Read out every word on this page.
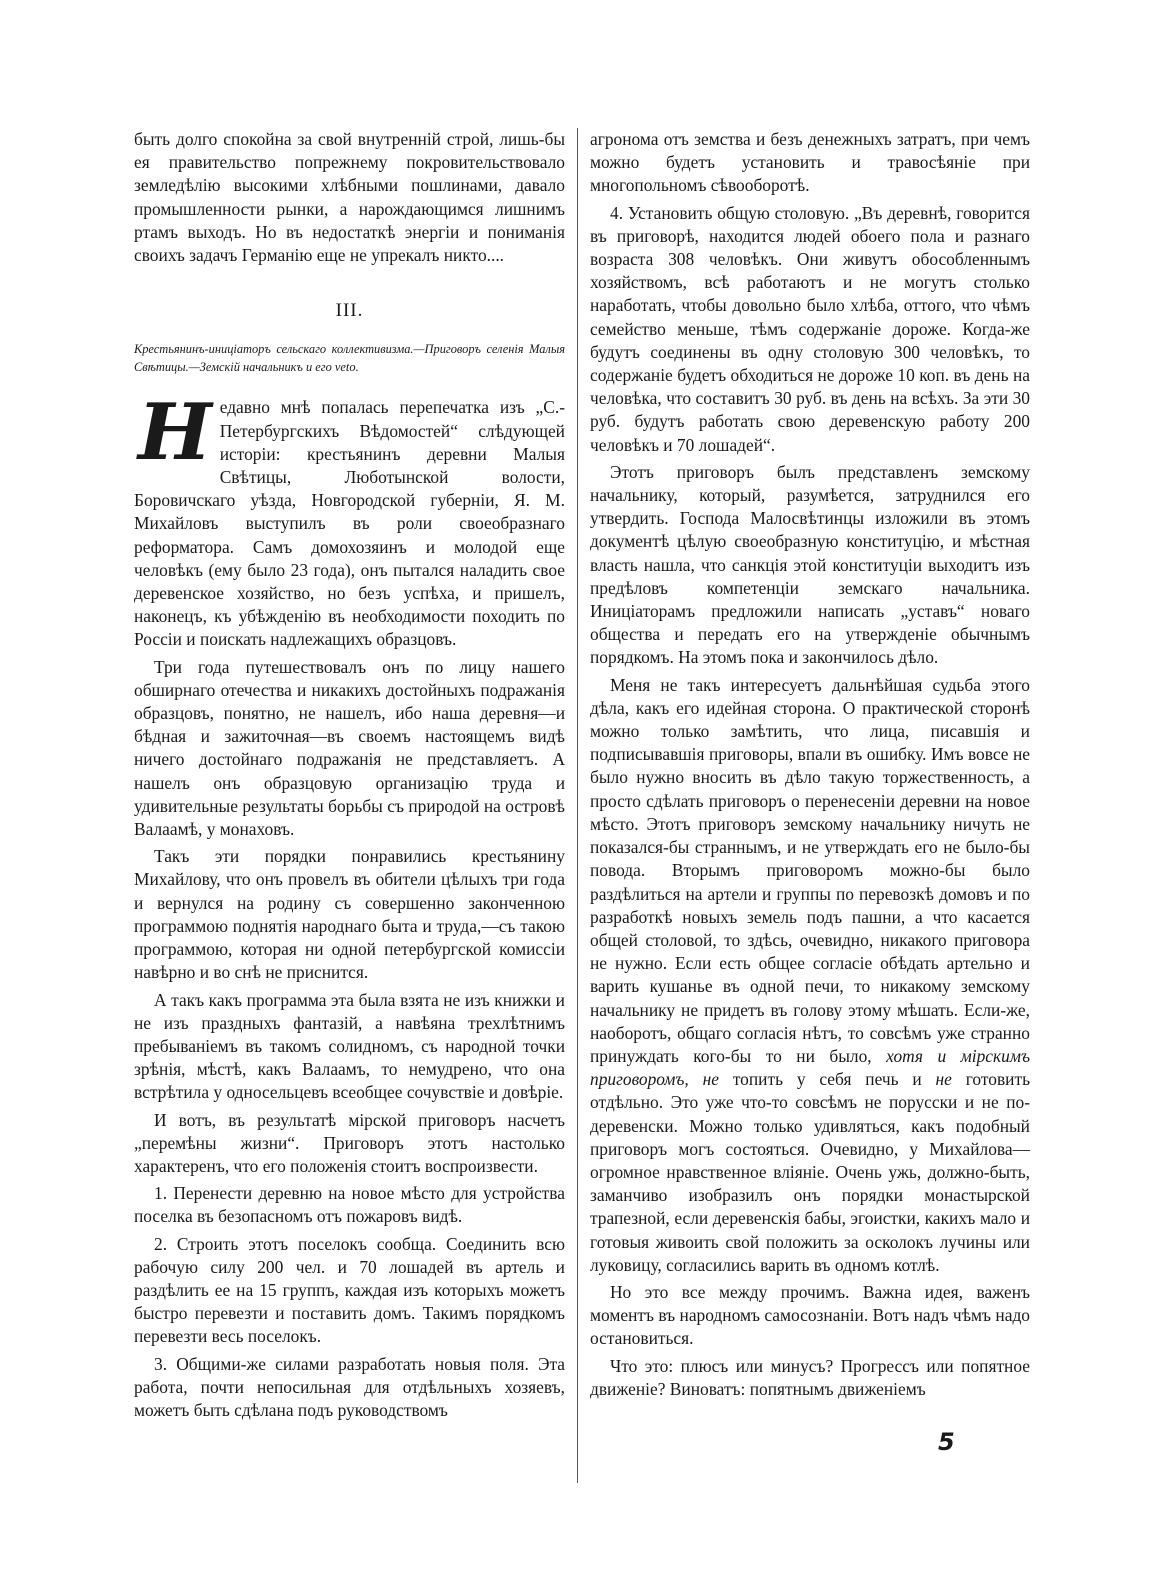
быть долго спокойна за свой внутренній строй, лишь-бы ея правительство попрежнему покровительствовало земледѣлію высокими хлѣбными пошлинами, давало промышленности рынки, а нарождающимся лишнимъ ртамъ выходъ. Но въ недостаткѣ энергіи и пониманія своихъ задачъ Германію еще не упрекалъ никто....

III.

Крестьянинъ-иниціаторъ сельскаго коллективизма.—Приговоръ селенія Малыя Свѣтицы.—Земскій начальникъ и его veto.

Недавно мнѣ попалась перепечатка изъ „С.-Петербургскихъ Вѣдомостей“ слѣдующей исторіи: крестьянинъ деревни Малыя Свѣтицы, Люботынской волости, Боровичскаго уѣзда, Новгородской губерніи, Я. М. Михайловъ выступилъ въ роли своеобразнаго реформатора. Самъ домохозяинъ и молодой еще человѣкъ (ему было 23 года), онъ пытался наладить свое деревенское хозяйство, но безъ успѣха, и пришелъ, наконецъ, къ убѣжденію въ необходимости походить по Россіи и поискать надлежащихъ образцовъ.

Три года путешествовалъ онъ по лицу нашего обширнаго отечества и никакихъ достойныхъ подражанія образцовъ, понятно, не нашелъ, ибо наша деревня—и бѣдная и зажиточная—въ своемъ настоящемъ видѣ ничего достойнаго подражанія не представляетъ. А нашелъ онъ образцовую организацію труда и удивительные результаты борьбы съ природой на островѣ Валаамѣ, у монаховъ.

Такъ эти порядки понравились крестьянину Михайлову, что онъ провелъ въ обители цѣлыхъ три года и вернулся на родину съ совершенно законченною программою поднятія народнаго быта и труда,—съ такою программою, которая ни одной петербургской комиссіи навѣрно и во снѣ не приснится.

А такъ какъ программа эта была взята не изъ книжки и не изъ праздныхъ фантазій, а навѣяна трехлѣтнимъ пребываніемъ въ такомъ солидномъ, съ народной точки зрѣнія, мѣстѣ, какъ Валаамъ, то немудрено, что она встрѣтила у односельцевъ всеобщее сочувствіе и довѣріе.

И вотъ, въ результатѣ мірской приговоръ насчетъ „перемѣны жизни“. Приговоръ этотъ настолько характеренъ, что его положенія стоитъ воспроизвести.

1. Перенести деревню на новое мѣсто для устройства поселка въ безопасномъ отъ пожаровъ видѣ.

2. Строить этотъ поселокъ сообща. Соединить всю рабочую силу 200 чел. и 70 лошадей въ артель и раздѣлить ее на 15 группъ, каждая изъ которыхъ можетъ быстро перевезти и поставить домъ. Такимъ порядкомъ перевезти весь поселокъ.

3. Общими-же силами разработать новыя поля. Эта работа, почти непосильная для отдѣльныхъ хозяевъ, можетъ быть сдѣлана подъ руководствомъ

агронома отъ земства и безъ денежныхъ затратъ, при чемъ можно будетъ установить и травосѣяніе при многопольномъ сѣвооборотѣ.

4. Установить общую столовую. „Въ деревнѣ, говорится въ приговорѣ, находится людей обоего пола и разнаго возраста 308 человѣкъ. Они живутъ обособленнымъ хозяйствомъ, всѣ работаютъ и не могутъ столько наработать, чтобы довольно было хлѣба, оттого, что чѣмъ семейство меньше, тѣмъ содержаніе дороже. Когда-же будутъ соединены въ одну столовую 300 человѣкъ, то содержаніе будетъ обходиться не дороже 10 коп. въ день на человѣка, что составитъ 30 руб. въ день на всѣхъ. За эти 30 руб. будутъ работать свою деревенскую работу 200 человѣкъ и 70 лошадей“.

Этотъ приговоръ былъ представленъ земскому начальнику, который, разумѣется, затруднился его утвердить. Господа Малосвѣтинцы изложили въ этомъ документѣ цѣлую своеобразную конституцію, и мѣстная власть нашла, что санкція этой конституціи выходитъ изъ предѣловъ компетенціи земскаго начальника. Иниціаторамъ предложили написать „уставъ“ новаго общества и передать его на утвержденіе обычнымъ порядкомъ. На этомъ пока и закончилось дѣло.

Меня не такъ интересуетъ дальнѣйшая судьба этого дѣла, какъ его идейная сторона. О практической сторонѣ можно только замѣтить, что лица, писавшія и подписывавшія приговоры, впали въ ошибку. Имъ вовсе не было нужно вносить въ дѣло такую торжественность, а просто сдѣлать приговоръ о перенесеніи деревни на новое мѣсто. Этотъ приговоръ земскому начальнику ничуть не показался-бы страннымъ, и не утверждать его не было-бы повода. Вторымъ приговоромъ можно-бы было раздѣлиться на артели и группы по перевозкѣ домовъ и по разработкѣ новыхъ земель подъ пашни, а что касается общей столовой, то здѣсь, очевидно, никакого приговора не нужно. Если есть общее согласіе обѣдать артельно и варить кушанье въ одной печи, то никакому земскому начальнику не придетъ въ голову этому мѣшать. Если-же, наоборотъ, общаго согласія нѣтъ, то совсѣмъ уже странно принуждать кого-бы то ни было, хотя и мірскимъ приговоромъ, не топить у себя печь и не готовить отдѣльно. Это уже что-то совсѣмъ не порусски и не по-деревенски. Можно только удивляться, какъ подобный приговоръ могъ состояться. Очевидно, у Михайлова—огромное нравственное вліяніе. Очень ужь, должно-быть, заманчиво изобразилъ онъ порядки монастырской трапезной, если деревенскія бабы, эгоистки, какихъ мало и готовыя живоить свой положить за осколокъ лучины или луковицу, согласились варить въ одномъ котлѣ.

Но это все между прочимъ. Важна идея, важенъ моментъ въ народномъ самосознаніи. Вотъ надъ чѣмъ надо остановиться.

Что это: плюсъ или минусъ? Прогрессъ или попятное движеніе? Виноватъ: попятнымъ движеніемъ

5
